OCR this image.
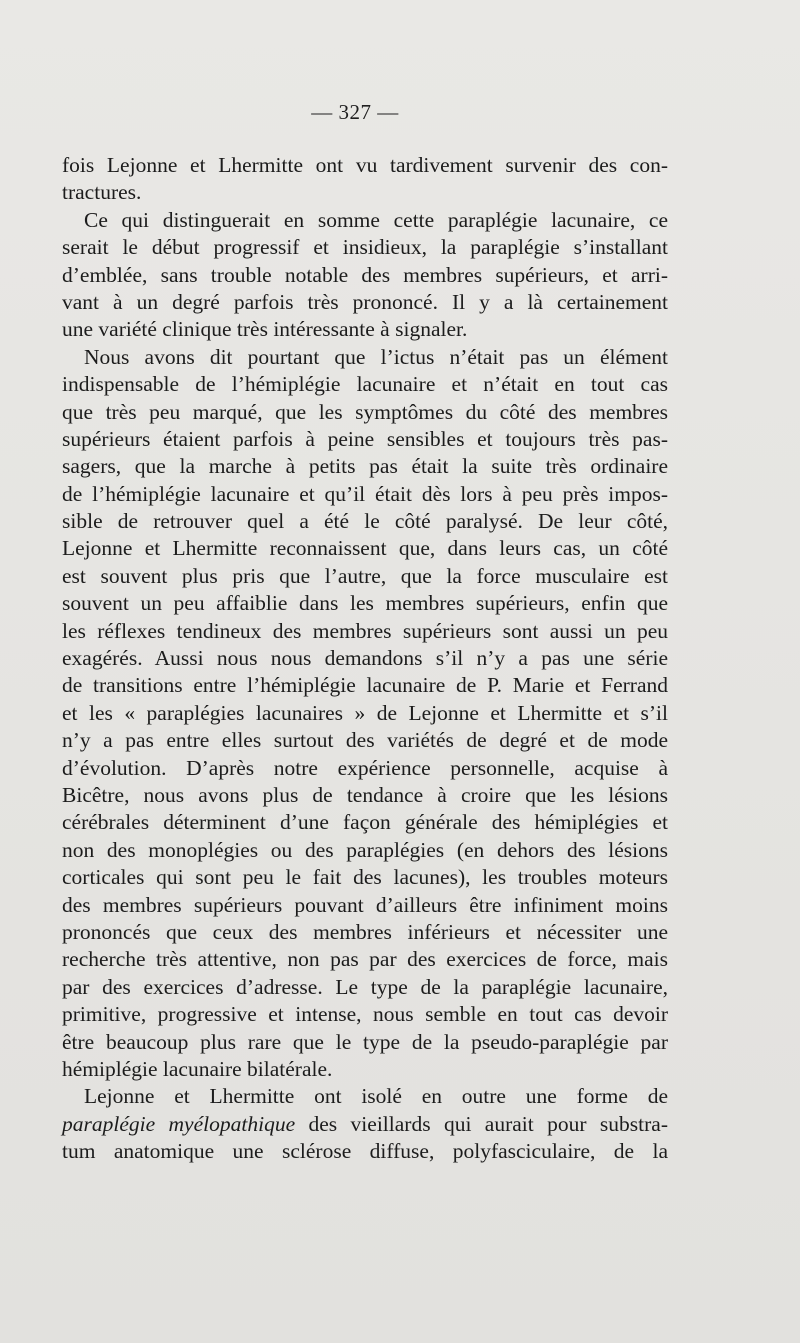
— 327 —
fois Lejonne et Lhermitte ont vu tardivement survenir des con-
tractures.
Ce qui distinguerait en somme cette paraplégie lacunaire, ce
serait le début progressif et insidieux, la paraplégie s’installant
d’emblée, sans trouble notable des membres supérieurs, et arri-
vant à un degré parfois très prononcé. Il y a là certainement
une variété clinique très intéressante à signaler.
Nous avons dit pourtant que l’ictus n’était pas un élément
indispensable de l’hémiplégie lacunaire et n’était en tout cas
que très peu marqué, que les symptômes du côté des membres
supérieurs étaient parfois à peine sensibles et toujours très pas-
sagers, que la marche à petits pas était la suite très ordinaire
de l’hémiplégie lacunaire et qu’il était dès lors à peu près impos-
sible de retrouver quel a été le côté paralysé. De leur côté,
Lejonne et Lhermitte reconnaissent que, dans leurs cas, un côté
est souvent plus pris que l’autre, que la force musculaire est
souvent un peu affaiblie dans les membres supérieurs, enfin que
les réflexes tendineux des membres supérieurs sont aussi un peu
exagérés. Aussi nous nous demandons s’il n’y a pas une série
de transitions entre l’hémiplégie lacunaire de P. Marie et Ferrand
et les « paraplégies lacunaires » de Lejonne et Lhermitte et s’il
n’y a pas entre elles surtout des variétés de degré et de mode
d’évolution. D’après notre expérience personnelle, acquise à
Bicêtre, nous avons plus de tendance à croire que les lésions
cérébrales déterminent d’une façon générale des hémiplégies et
non des monoplégies ou des paraplégies (en dehors des lésions
corticales qui sont peu le fait des lacunes), les troubles moteurs
des membres supérieurs pouvant d’ailleurs être infiniment moins
prononcés que ceux des membres inférieurs et nécessiter une
recherche très attentive, non pas par des exercices de force, mais
par des exercices d’adresse. Le type de la paraplégie lacunaire,
primitive, progressive et intense, nous semble en tout cas devoir
être beaucoup plus rare que le type de la pseudo-paraplégie par
hémiplégie lacunaire bilatérale.
Lejonne et Lhermitte ont isolé en outre une forme de
paraplégie myélopathique des vieillards qui aurait pour substra-
tum anatomique une sclérose diffuse, polyfasciculaire, de la
